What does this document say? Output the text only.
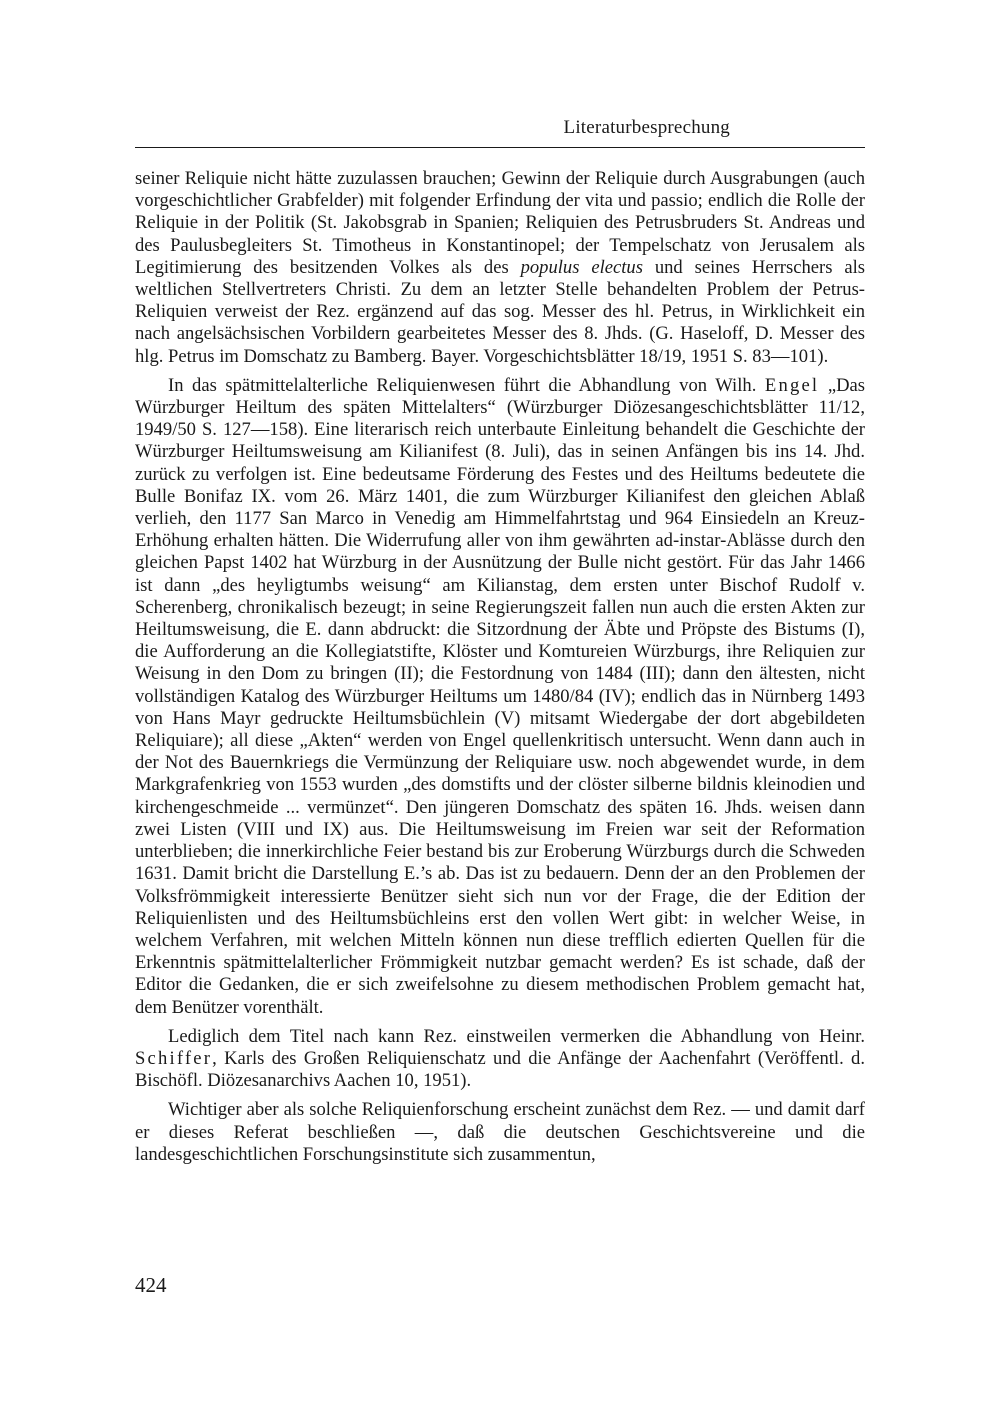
Literaturbesprechung

seiner Reliquie nicht hätte zuzulassen brauchen; Gewinn der Reliquie durch Ausgrabungen (auch vorgeschichtlicher Grabfelder) mit folgender Erfindung der vita und passio; endlich die Rolle der Reliquie in der Politik (St. Jakobsgrab in Spanien; Reliquien des Petrusbruders St. Andreas und des Paulusbegleiters St. Timotheus in Konstantinopel; der Tempelschatz von Jerusalem als Legitimierung des besitzenden Volkes als des populus electus und seines Herrschers als weltlichen Stellvertreters Christi. Zu dem an letzter Stelle behandelten Problem der Petrus-Reliquien verweist der Rez. ergänzend auf das sog. Messer des hl. Petrus, in Wirklichkeit ein nach angelsächsischen Vorbildern gearbeitetes Messer des 8. Jhds. (G. Haseloff, D. Messer des hlg. Petrus im Domschatz zu Bamberg. Bayer. Vorgeschichtsblätter 18/19, 1951 S. 83—101).

In das spätmittelalterliche Reliquienwesen führt die Abhandlung von Wilh. Engel „Das Würzburger Heiltum des späten Mittelalters“ (Würzburger Diözesangeschichtsblätter 11/12, 1949/50 S. 127—158). Eine literarisch reich unterbaute Einleitung behandelt die Geschichte der Würzburger Heiltumsweisung am Kilianifest (8. Juli), das in seinen Anfängen bis ins 14. Jhd. zurück zu verfolgen ist. Eine bedeutsame Förderung des Festes und des Heiltums bedeutete die Bulle Bonifaz IX. vom 26. März 1401, die zum Würzburger Kilianifest den gleichen Ablaß verlieh, den 1177 San Marco in Venedig am Himmelfahrtstag und 964 Einsiedeln an Kreuz-Erhöhung erhalten hätten. Die Widerrufung aller von ihm gewährten ad-instar-Ablässe durch den gleichen Papst 1402 hat Würzburg in der Ausnützung der Bulle nicht gestört. Für das Jahr 1466 ist dann „des heyligtumbs weisung“ am Kilianstag, dem ersten unter Bischof Rudolf v. Scherenberg, chronikalisch bezeugt; in seine Regierungszeit fallen nun auch die ersten Akten zur Heiltumsweisung, die E. dann abdruckt: die Sitzordnung der Äbte und Pröpste des Bistums (I), die Aufforderung an die Kollegiatstifte, Klöster und Komtureien Würzburgs, ihre Reliquien zur Weisung in den Dom zu bringen (II); die Festordnung von 1484 (III); dann den ältesten, nicht vollständigen Katalog des Würzburger Heiltums um 1480/84 (IV); endlich das in Nürnberg 1493 von Hans Mayr gedruckte Heiltumsbüchlein (V) mitsamt Wiedergabe der dort abgebildeten Reliquiare); all diese „Akten“ werden von Engel quellenkritisch untersucht. Wenn dann auch in der Not des Bauernkriegs die Vermünzung der Reliquiare usw. noch abgewendet wurde, in dem Markgrafenkrieg von 1553 wurden „des domstifts und der clöster silberne bildnis kleinodien und kirchengeschmeide ... vermünzet“. Den jüngeren Domschatz des späten 16. Jhds. weisen dann zwei Listen (VIII und IX) aus. Die Heiltumsweisung im Freien war seit der Reformation unterblieben; die innerkirchliche Feier bestand bis zur Eroberung Würzburgs durch die Schweden 1631. Damit bricht die Darstellung E.’s ab. Das ist zu bedauern. Denn der an den Problemen der Volksfrömmigkeit interessierte Benützer sieht sich nun vor der Frage, die der Edition der Reliquienlisten und des Heiltumsbüchleins erst den vollen Wert gibt: in welcher Weise, in welchem Verfahren, mit welchen Mitteln können nun diese trefflich edierten Quellen für die Erkenntnis spätmittelalterlicher Frömmigkeit nutzbar gemacht werden? Es ist schade, daß der Editor die Gedanken, die er sich zweifelsohne zu diesem methodischen Problem gemacht hat, dem Benützer vorenthält.

Lediglich dem Titel nach kann Rez. einstweilen vermerken die Abhandlung von Heinr. Schiffer, Karls des Großen Reliquienschatz und die Anfänge der Aachenfahrt (Veröffentl. d. Bischöfl. Diözesanarchivs Aachen 10, 1951).

Wichtiger aber als solche Reliquienforschung erscheint zunächst dem Rez. — und damit darf er dieses Referat beschließen —, daß die deutschen Geschichtsvereine und die landesgeschichtlichen Forschungsinstitute sich zusammentun,

424
